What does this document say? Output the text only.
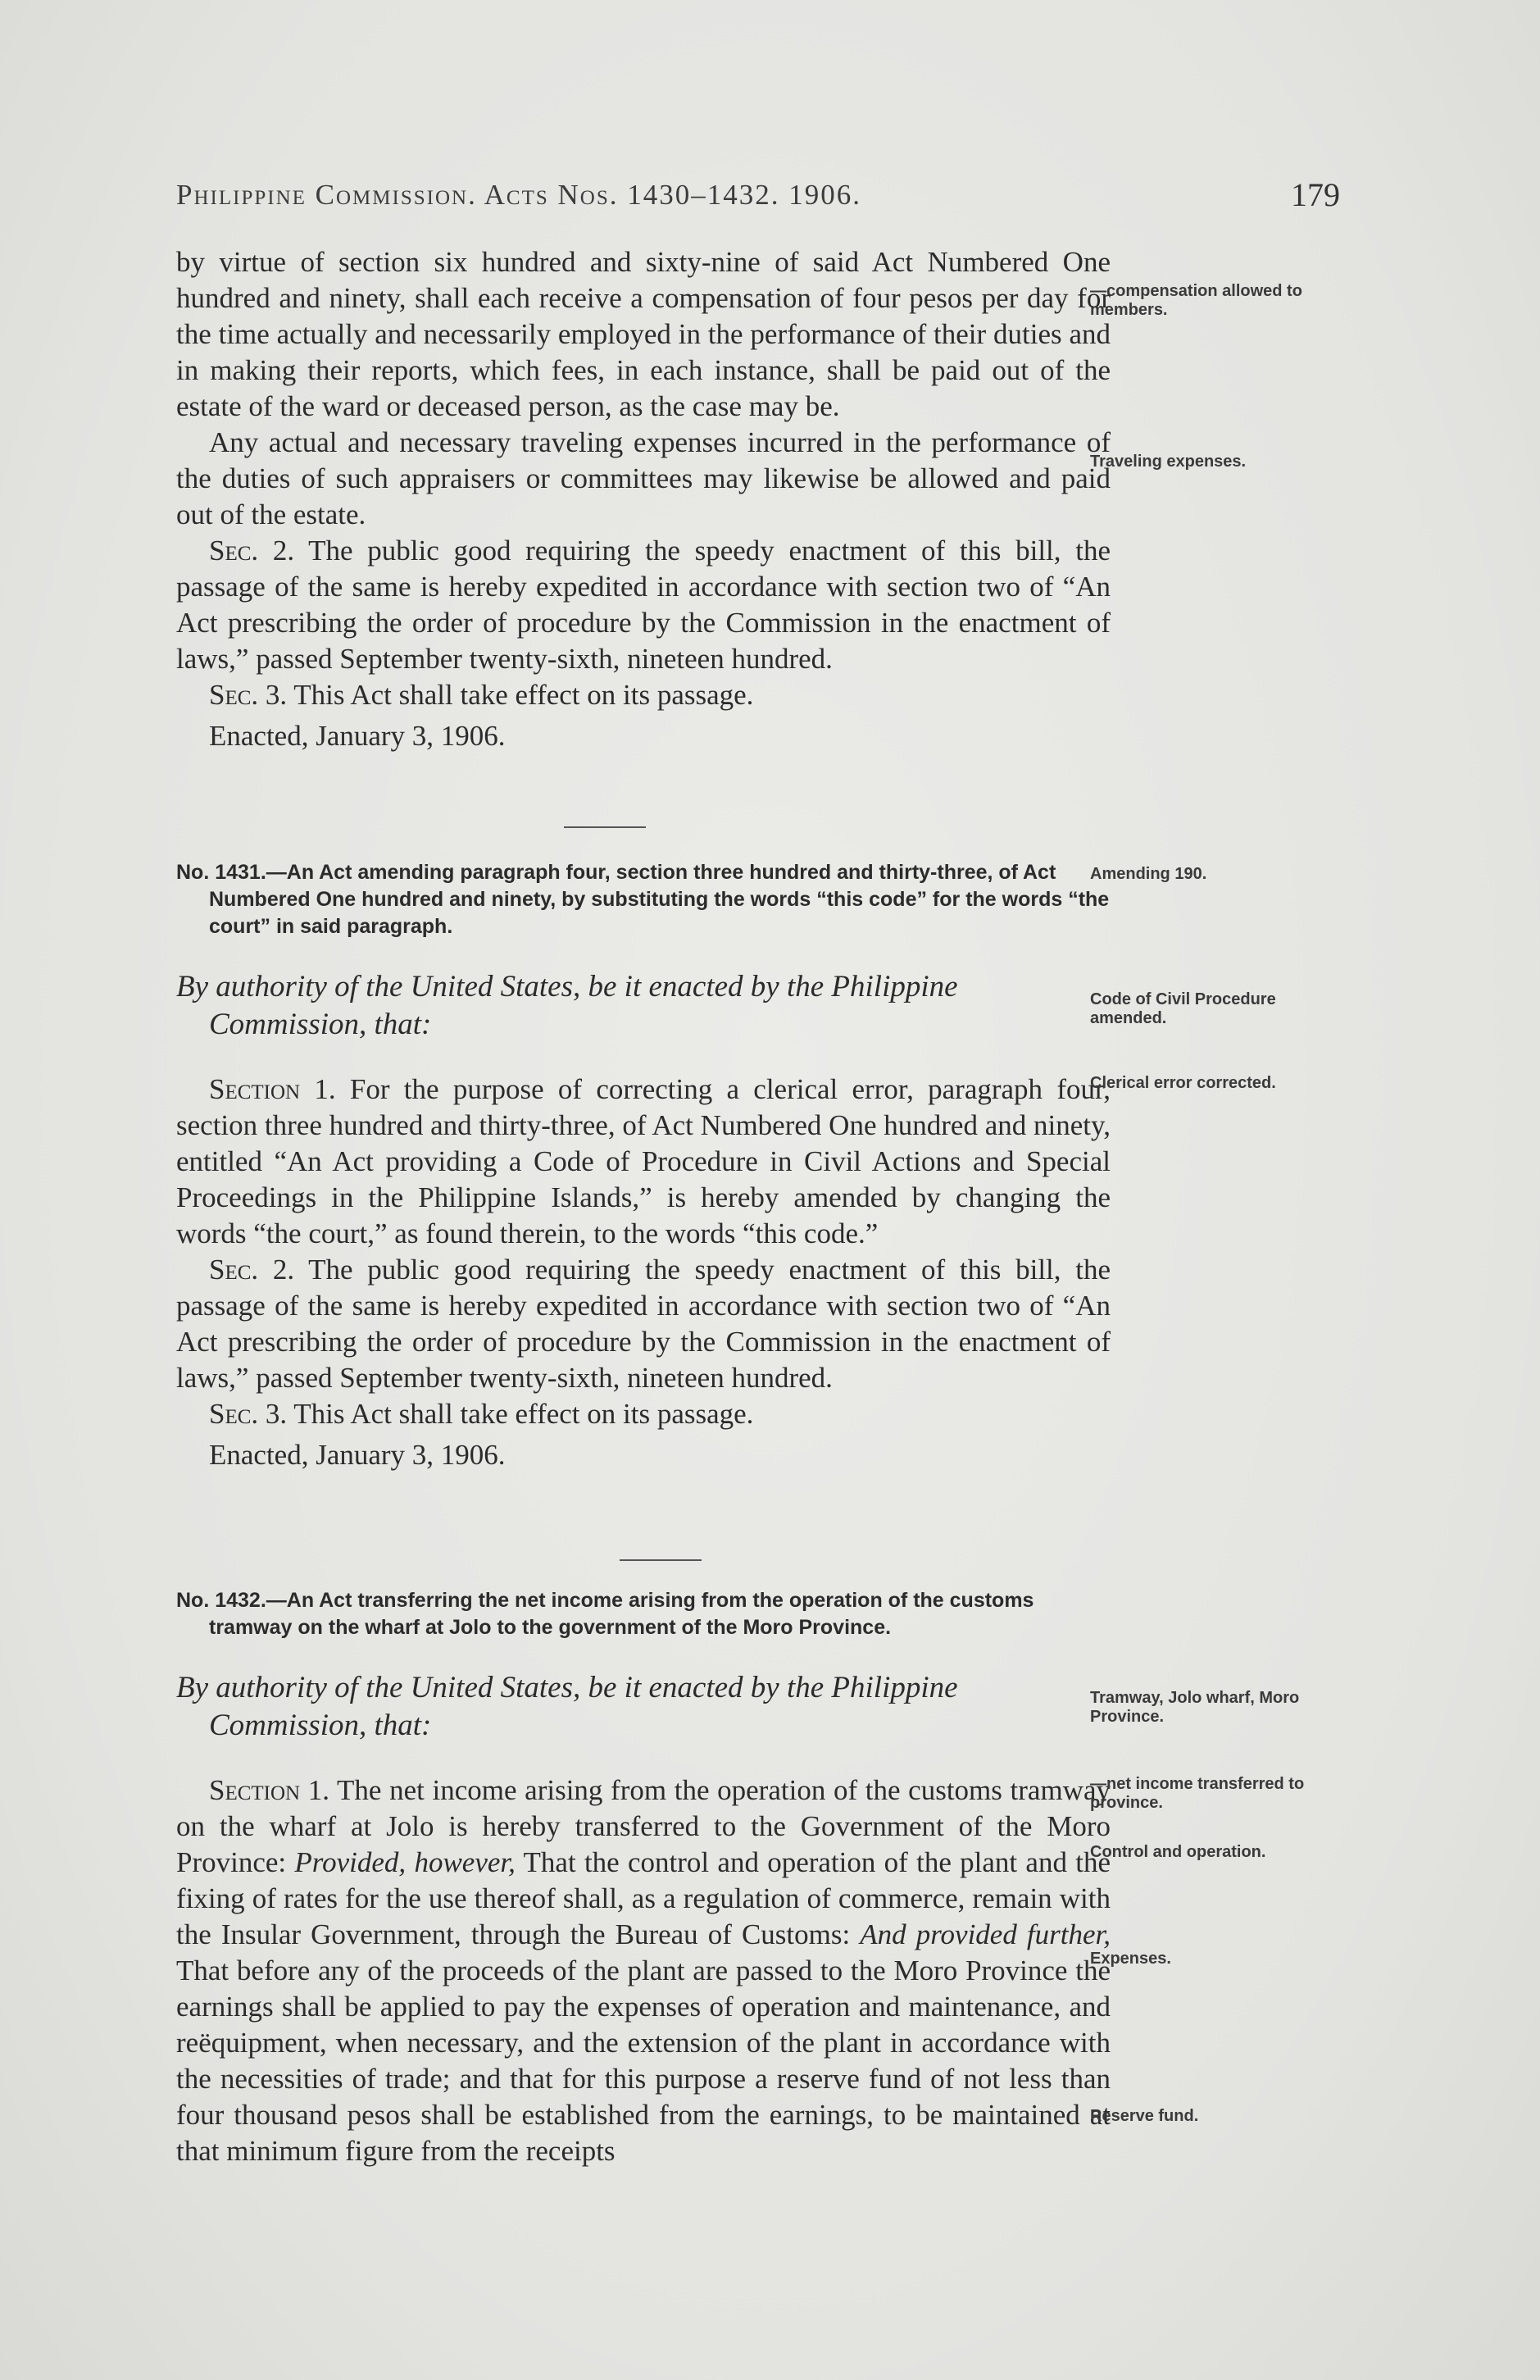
Philippine Commission. Acts Nos. 1430–1432. 1906.	179

by virtue of section six hundred and sixty-nine of said Act Numbered One hundred and ninety, shall each receive a compensation of four pesos per day for the time actually and necessarily employed in the performance of their duties and in making their reports, which fees, in each instance, shall be paid out of the estate of the ward or deceased person, as the case may be.

Any actual and necessary traveling expenses incurred in the performance of the duties of such appraisers or committees may likewise be allowed and paid out of the estate.

Sec. 2. The public good requiring the speedy enactment of this bill, the passage of the same is hereby expedited in accordance with section two of “An Act prescribing the order of procedure by the Commission in the enactment of laws,” passed September twenty-sixth, nineteen hundred.

Sec. 3. This Act shall take effect on its passage.

Enacted, January 3, 1906.

No. 1431.—An Act amending paragraph four, section three hundred and thirty-three, of Act Numbered One hundred and ninety, by substituting the words “this code” for the words “the court” in said paragraph.

By authority of the United States, be it enacted by the Philippine Commission, that:

Section 1. For the purpose of correcting a clerical error, paragraph four, section three hundred and thirty-three, of Act Numbered One hundred and ninety, entitled “An Act providing a Code of Procedure in Civil Actions and Special Proceedings in the Philippine Islands,” is hereby amended by changing the words “the court,” as found therein, to the words “this code.”

Sec. 2. The public good requiring the speedy enactment of this bill, the passage of the same is hereby expedited in accordance with section two of “An Act prescribing the order of procedure by the Commission in the enactment of laws,” passed September twenty-sixth, nineteen hundred.

Sec. 3. This Act shall take effect on its passage.

Enacted, January 3, 1906.

No. 1432.—An Act transferring the net income arising from the operation of the customs tramway on the wharf at Jolo to the government of the Moro Province.

By authority of the United States, be it enacted by the Philippine Commission, that:

Section 1. The net income arising from the operation of the customs tramway on the wharf at Jolo is hereby transferred to the Government of the Moro Province: Provided, however, That the control and operation of the plant and the fixing of rates for the use thereof shall, as a regulation of commerce, remain with the Insular Government, through the Bureau of Customs: And provided further, That before any of the proceeds of the plant are passed to the Moro Province the earnings shall be applied to pay the expenses of operation and maintenance, and reëquipment, when necessary, and the extension of the plant in accordance with the necessities of trade; and that for this purpose a reserve fund of not less than four thousand pesos shall be established from the earnings, to be maintained at that minimum figure from the receipts

—compensation allowed to members.
Traveling expenses.
Amending 190.
Code of Civil Procedure amended.
Clerical error corrected.
Tramway, Jolo wharf, Moro Province.
—net income transferred to province.
Control and operation.
Expenses.
Reserve fund.
